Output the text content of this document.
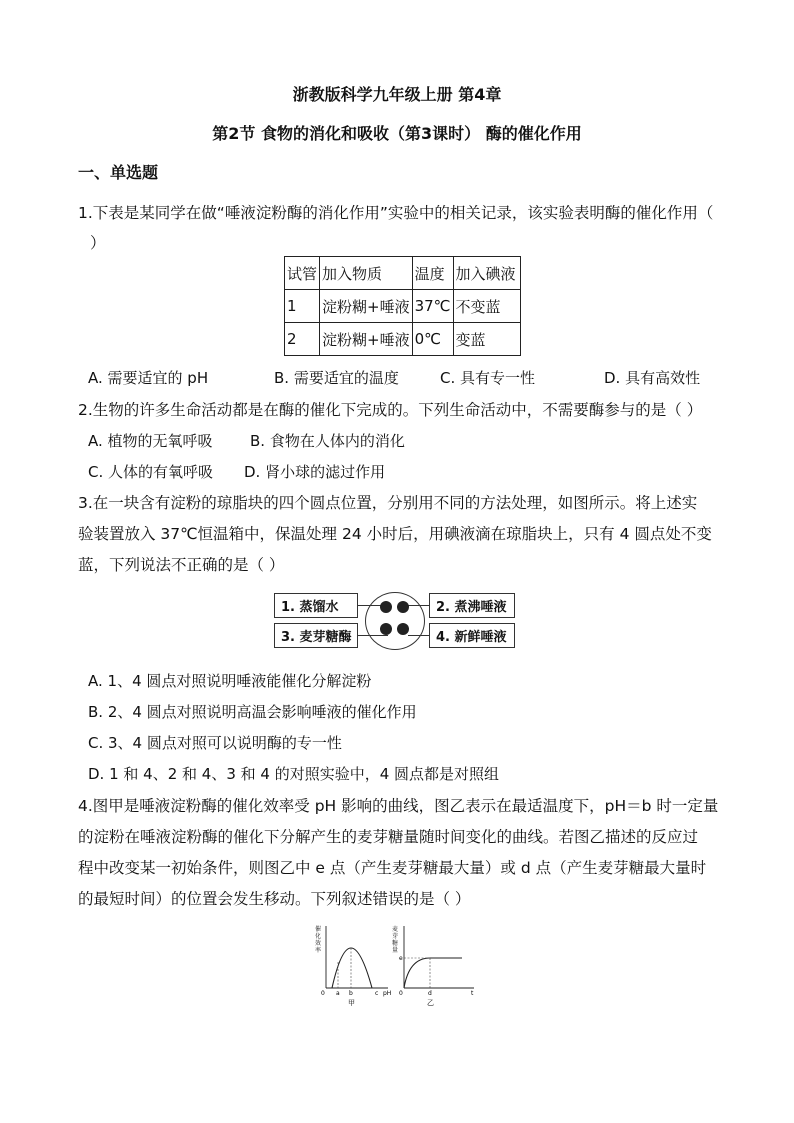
浙教版科学九年级上册 第4章
第2节 食物的消化和吸收（第3课时） 酶的催化作用
一、单选题
1.下表是某同学在做“唾液淀粉酶的消化作用”实验中的相关记录，该实验表明酶的催化作用（
）
试管	加入物质	温度	加入碘液
1	淀粉糊+唾液	37℃	不变蓝
2	淀粉糊+唾液	0℃	变蓝
A. 需要适宜的 pH	B. 需要适宜的温度	C. 具有专一性	D. 具有高效性
2.生物的许多生命活动都是在酶的催化下完成的。下列生命活动中，不需要酶参与的是（ ）
A. 植物的无氧呼吸 B. 食物在人体内的消化
C. 人体的有氧呼吸 D. 肾小球的滤过作用
3.在一块含有淀粉的琼脂块的四个圆点位置，分别用不同的方法处理，如图所示。将上述实
验装置放入 37℃恒温箱中，保温处理 24 小时后，用碘液滴在琼脂块上，只有 4 圆点处不变
蓝，下列说法不正确的是（ ）
1. 蒸馏水
3. 麦芽糖酶
2. 煮沸唾液
4. 新鲜唾液
A. 1、4 圆点对照说明唾液能催化分解淀粉
B. 2、4 圆点对照说明高温会影响唾液的催化作用
C. 3、4 圆点对照可以说明酶的专一性
D. 1 和 4、2 和 4、3 和 4 的对照实验中，4 圆点都是对照组
4.图甲是唾液淀粉酶的催化效率受 pH 影响的曲线，图乙表示在最适温度下，pH＝b 时一定量
的淀粉在唾液淀粉酶的催化下分解产生的麦芽糖量随时间变化的曲线。若图乙描述的反应过
程中改变某一初始条件，则图乙中 e 点（产生麦芽糖最大量）或 d 点（产生麦芽糖最大量时
的最短时间）的位置会发生移动。下列叙述错误的是（ ）
催
化
效
率
0 a b	c pH
甲
麦
芽
糖
量
e
0	d	t
乙
